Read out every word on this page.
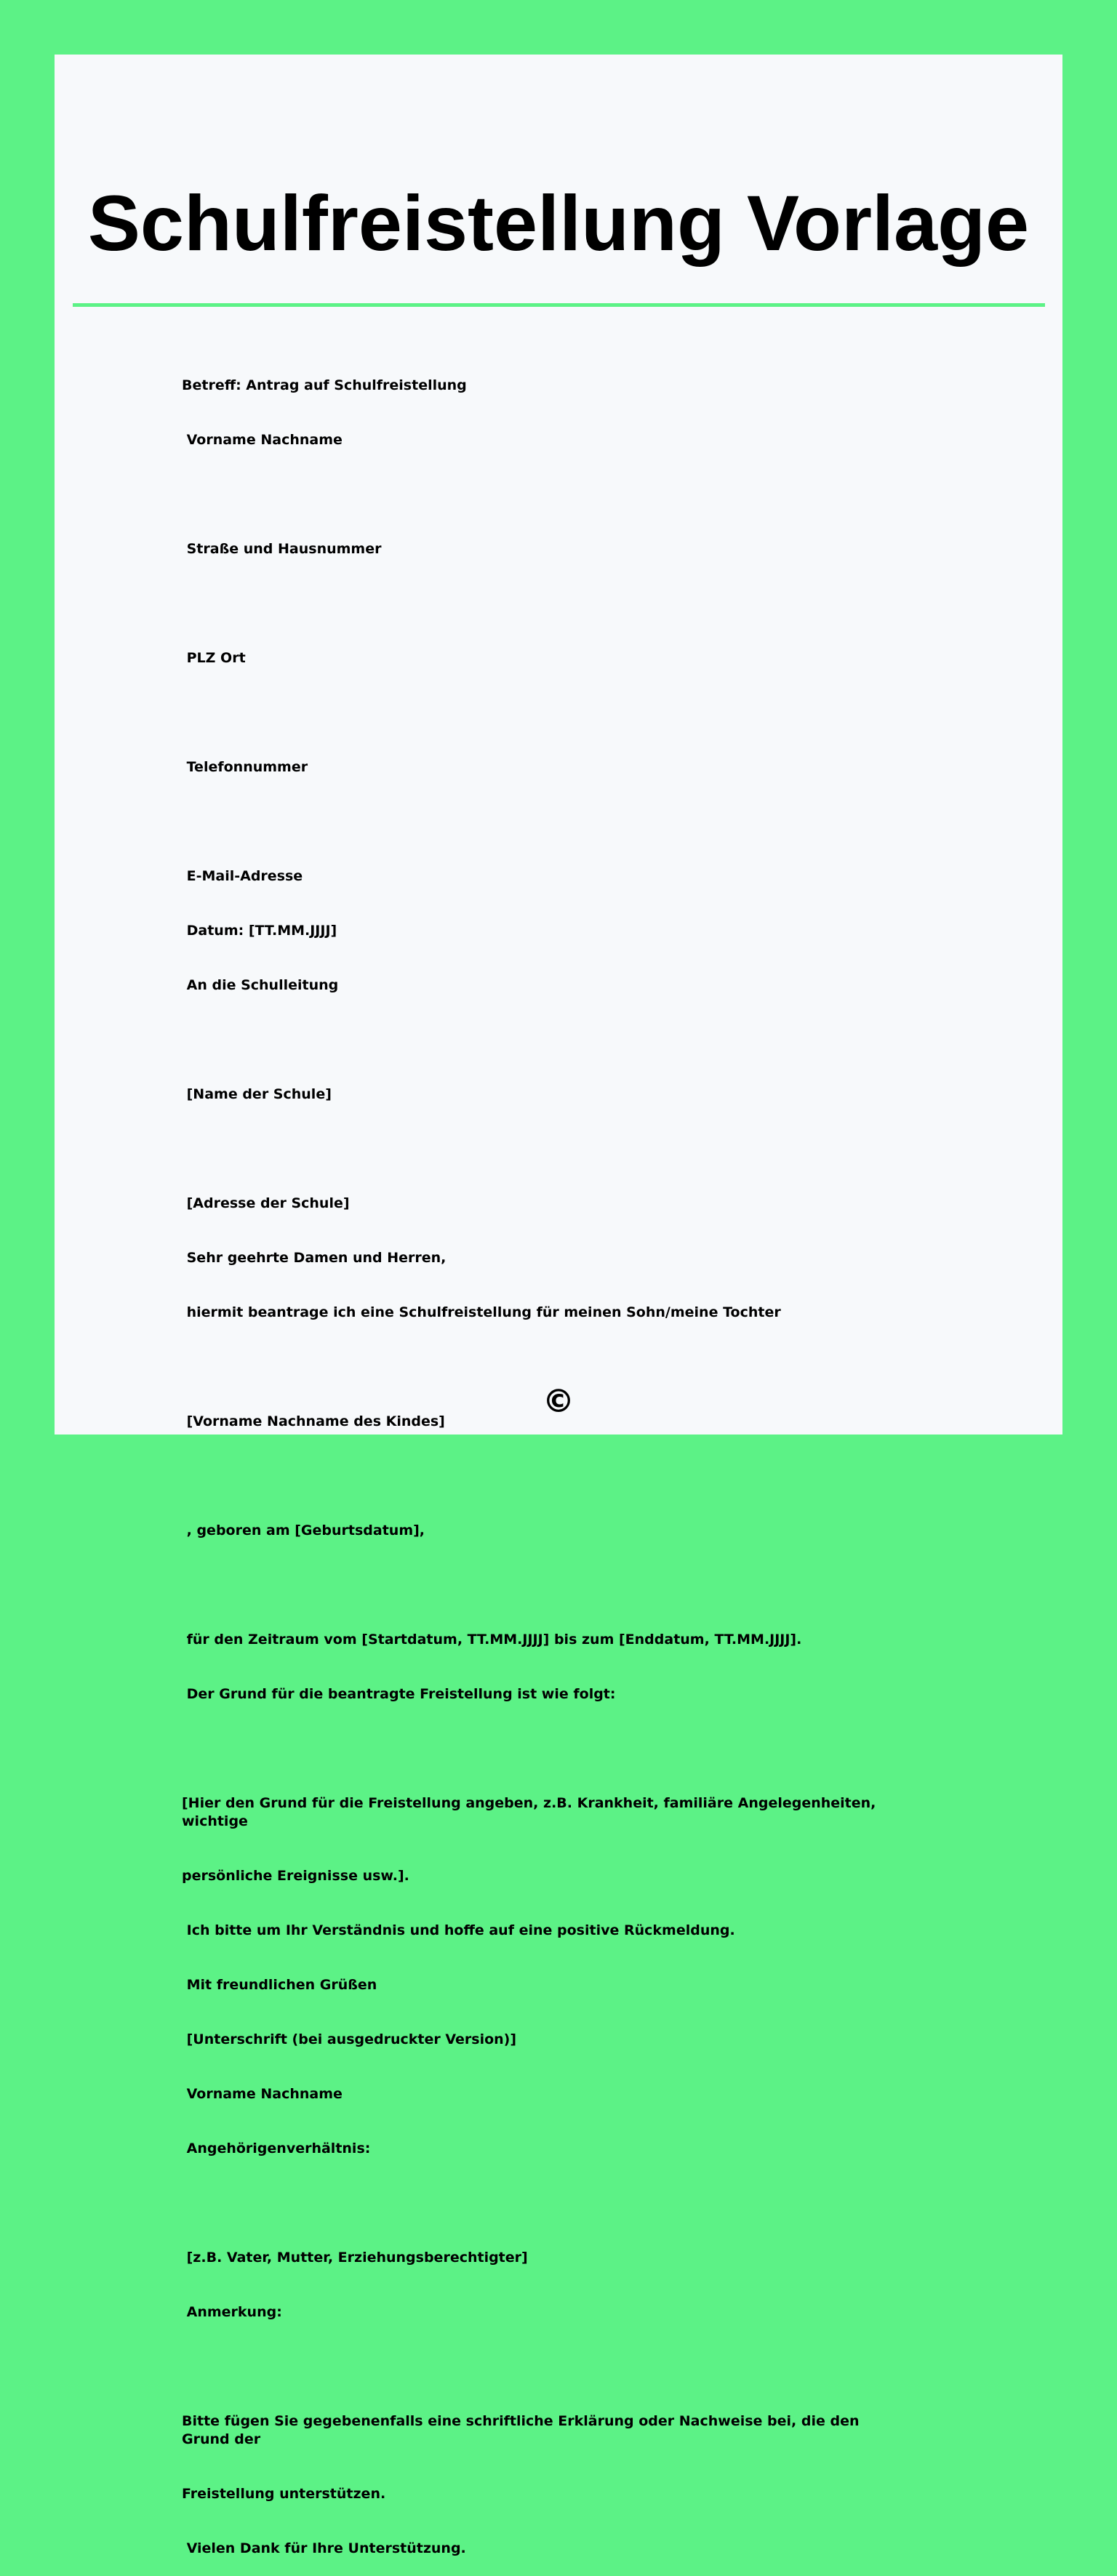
Schulfreistellung Vorlage

Betreff: Antrag auf Schulfreistellung

Vorname Nachname

Straße und Hausnummer

PLZ Ort

Telefonnummer

E-Mail-Adresse

Datum: [TT.MM.JJJJ]

An die Schulleitung

[Name der Schule]

[Adresse der Schule]

Sehr geehrte Damen und Herren,

hiermit beantrage ich eine Schulfreistellung für meinen Sohn/meine Tochter

[Vorname Nachname des Kindes]

, geboren am [Geburtsdatum],

für den Zeitraum vom [Startdatum, TT.MM.JJJJ] bis zum [Enddatum, TT.MM.JJJJ].

Der Grund für die beantragte Freistellung ist wie folgt:

[Hier den Grund für die Freistellung angeben, z.B. Krankheit, familiäre Angelegenheiten, wichtige

persönliche Ereignisse usw.].

Ich bitte um Ihr Verständnis und hoffe auf eine positive Rückmeldung.

Mit freundlichen Grüßen

[Unterschrift (bei ausgedruckter Version)]

Vorname Nachname

Angehörigenverhältnis:

[z.B. Vater, Mutter, Erziehungsberechtigter]

Anmerkung:

Bitte fügen Sie gegebenenfalls eine schriftliche Erklärung oder Nachweise bei, die den Grund der

Freistellung unterstützen.

Vielen Dank für Ihre Unterstützung.

©
